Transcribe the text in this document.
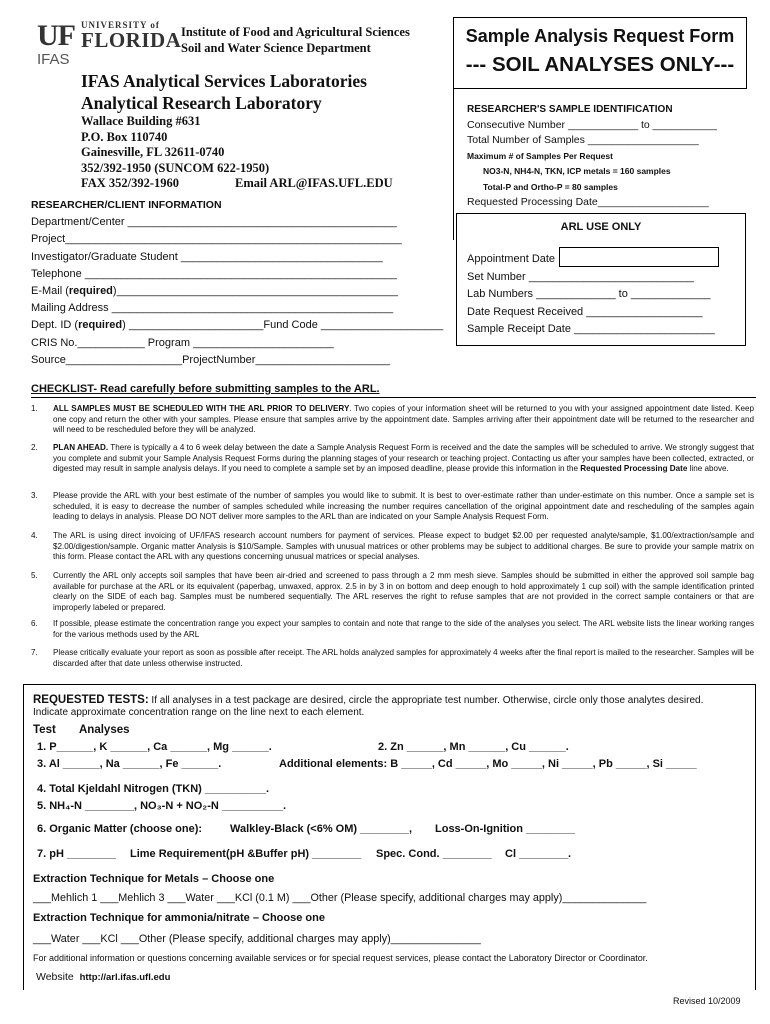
UF UNIVERSITY of
FLORIDA
IFAS
Institute of Food and Agricultural Sciences
Soil and Water Science Department
IFAS Analytical Services Laboratories
Analytical Research Laboratory
Wallace Building #631
P.O. Box 110740
Gainesville, FL 32611-0740
352/392-1950 (SUNCOM 622-1950)
FAX 352/392-1960	Email ARL@IFAS.UFL.EDU
Sample Analysis Request Form
--- SOIL ANALYSES ONLY---
RESEARCHER'S SAMPLE IDENTIFICATION
Consecutive Number ____________ to ___________
Total Number of Samples ___________________
Maximum # of Samples Per Request
NO3-N, NH4-N, TKN, ICP metals = 160 samples
Total-P and Ortho-P = 80 samples
Requested Processing Date___________________
ARL USE ONLY
Appointment Date
Set Number ___________________________
Lab Numbers _____________ to _____________
Date Request Received ___________________
Sample Receipt Date _______________________
RESEARCHER/CLIENT INFORMATION
Department/Center ____________________________________________
Project_______________________________________________________
Investigator/Graduate Student _________________________________
Telephone ___________________________________________________
E-Mail (required)______________________________________________
Mailing Address ______________________________________________
Dept. ID (required) ______________________Fund Code ____________________
CRIS No.___________ Program _______________________
Source___________________ProjectNumber______________________
CHECKLIST- Read carefully before submitting samples to the ARL.
1. ALL SAMPLES MUST BE SCHEDULED WITH THE ARL PRIOR TO DELIVERY. Two copies of your information sheet will be returned to you with your assigned appointment date listed. Keep one copy and return the other with your samples. Please ensure that samples arrive by the appointment date. Samples arriving after their appointment date will be returned to the researcher and will need to be rescheduled before they will be analyzed.
2. PLAN AHEAD. There is typically a 4 to 6 week delay between the date a Sample Analysis Request Form is received and the date the samples will be scheduled to arrive. We strongly suggest that you complete and submit your Sample Analysis Request Forms during the planning stages of your research or teaching project. Contacting us after your samples have been collected, extracted, or digested may result in sample analysis delays. If you need to complete a sample set by an imposed deadline, please provide this information in the Requested Processing Date line above.
3. Please provide the ARL with your best estimate of the number of samples you would like to submit. It is best to over-estimate rather than under-estimate on this number. Once a sample set is scheduled, it is easy to decrease the number of samples scheduled while increasing the number requires cancellation of the original appointment date and rescheduling of the samples again leading to delays in analysis. Please DO NOT deliver more samples to the ARL than are indicated on your Sample Analysis Request Form.
4. The ARL is using direct invoicing of UF/IFAS research account numbers for payment of services. Please expect to budget $2.00 per requested analyte/sample, $1.00/extraction/sample and $2.00/digestion/sample. Organic matter Analysis is $10/Sample. Samples with unusual matrices or other problems may be subject to additional charges. Be sure to provide your sample matrix on this form. Please contact the ARL with any questions concerning unusual matrices or special analyses.
5. Currently the ARL only accepts soil samples that have been air-dried and screened to pass through a 2 mm mesh sieve. Samples should be submitted in either the approved soil sample bag available for purchase at the ARL or its equivalent (paperbag, unwaxed, approx. 2.5 in by 3 in on bottom and deep enough to hold approximately 1 cup soil) with the sample identification printed clearly on the SIDE of each bag. Samples must be numbered sequentially. The ARL reserves the right to refuse samples that are not provided in the correct sample containers or that are improperly labeled or prepared.
6. If possible, please estimate the concentration range you expect your samples to contain and note that range to the side of the analyses you select. The ARL website lists the linear working ranges for the various methods used by the ARL
7. Please critically evaluate your report as soon as possible after receipt. The ARL holds analyzed samples for approximately 4 weeks after the final report is mailed to the researcher. Samples will be discarded after that date unless otherwise instructed.
REQUESTED TESTS: If all analyses in a test package are desired, circle the appropriate test number. Otherwise, circle only those analytes desired.
Indicate approximate concentration range on the line next to each element.
Test Analyses
1. P______, K ______, Ca ______, Mg ______.	2. Zn ______, Mn ______, Cu ______.
3. Al ______, Na ______, Fe ______.	Additional elements: B _____, Cd _____, Mo _____, Ni _____, Pb _____, Si _____
4. Total Kjeldahl Nitrogen (TKN) __________.
5. NH₄-N ________, NO₃-N + NO₂-N __________.
6. Organic Matter (choose one):	Walkley-Black (<6% OM) ________, Loss-On-Ignition ________
7. pH ________ Lime Requirement(pH &Buffer pH) ________ Spec. Cond. ________ Cl ________.
Extraction Technique for Metals – Choose one
___Mehlich 1 ___Mehlich 3 ___Water ___KCl (0.1 M) ___Other (Please specify, additional charges may apply)______________
Extraction Technique for ammonia/nitrate – Choose one
___Water ___KCl ___Other (Please specify, additional charges may apply)_______________
For additional information or questions concerning available services or for special request services, please contact the Laboratory Director or Coordinator.
Website http://arl.ifas.ufl.edu
Revised 10/2009
